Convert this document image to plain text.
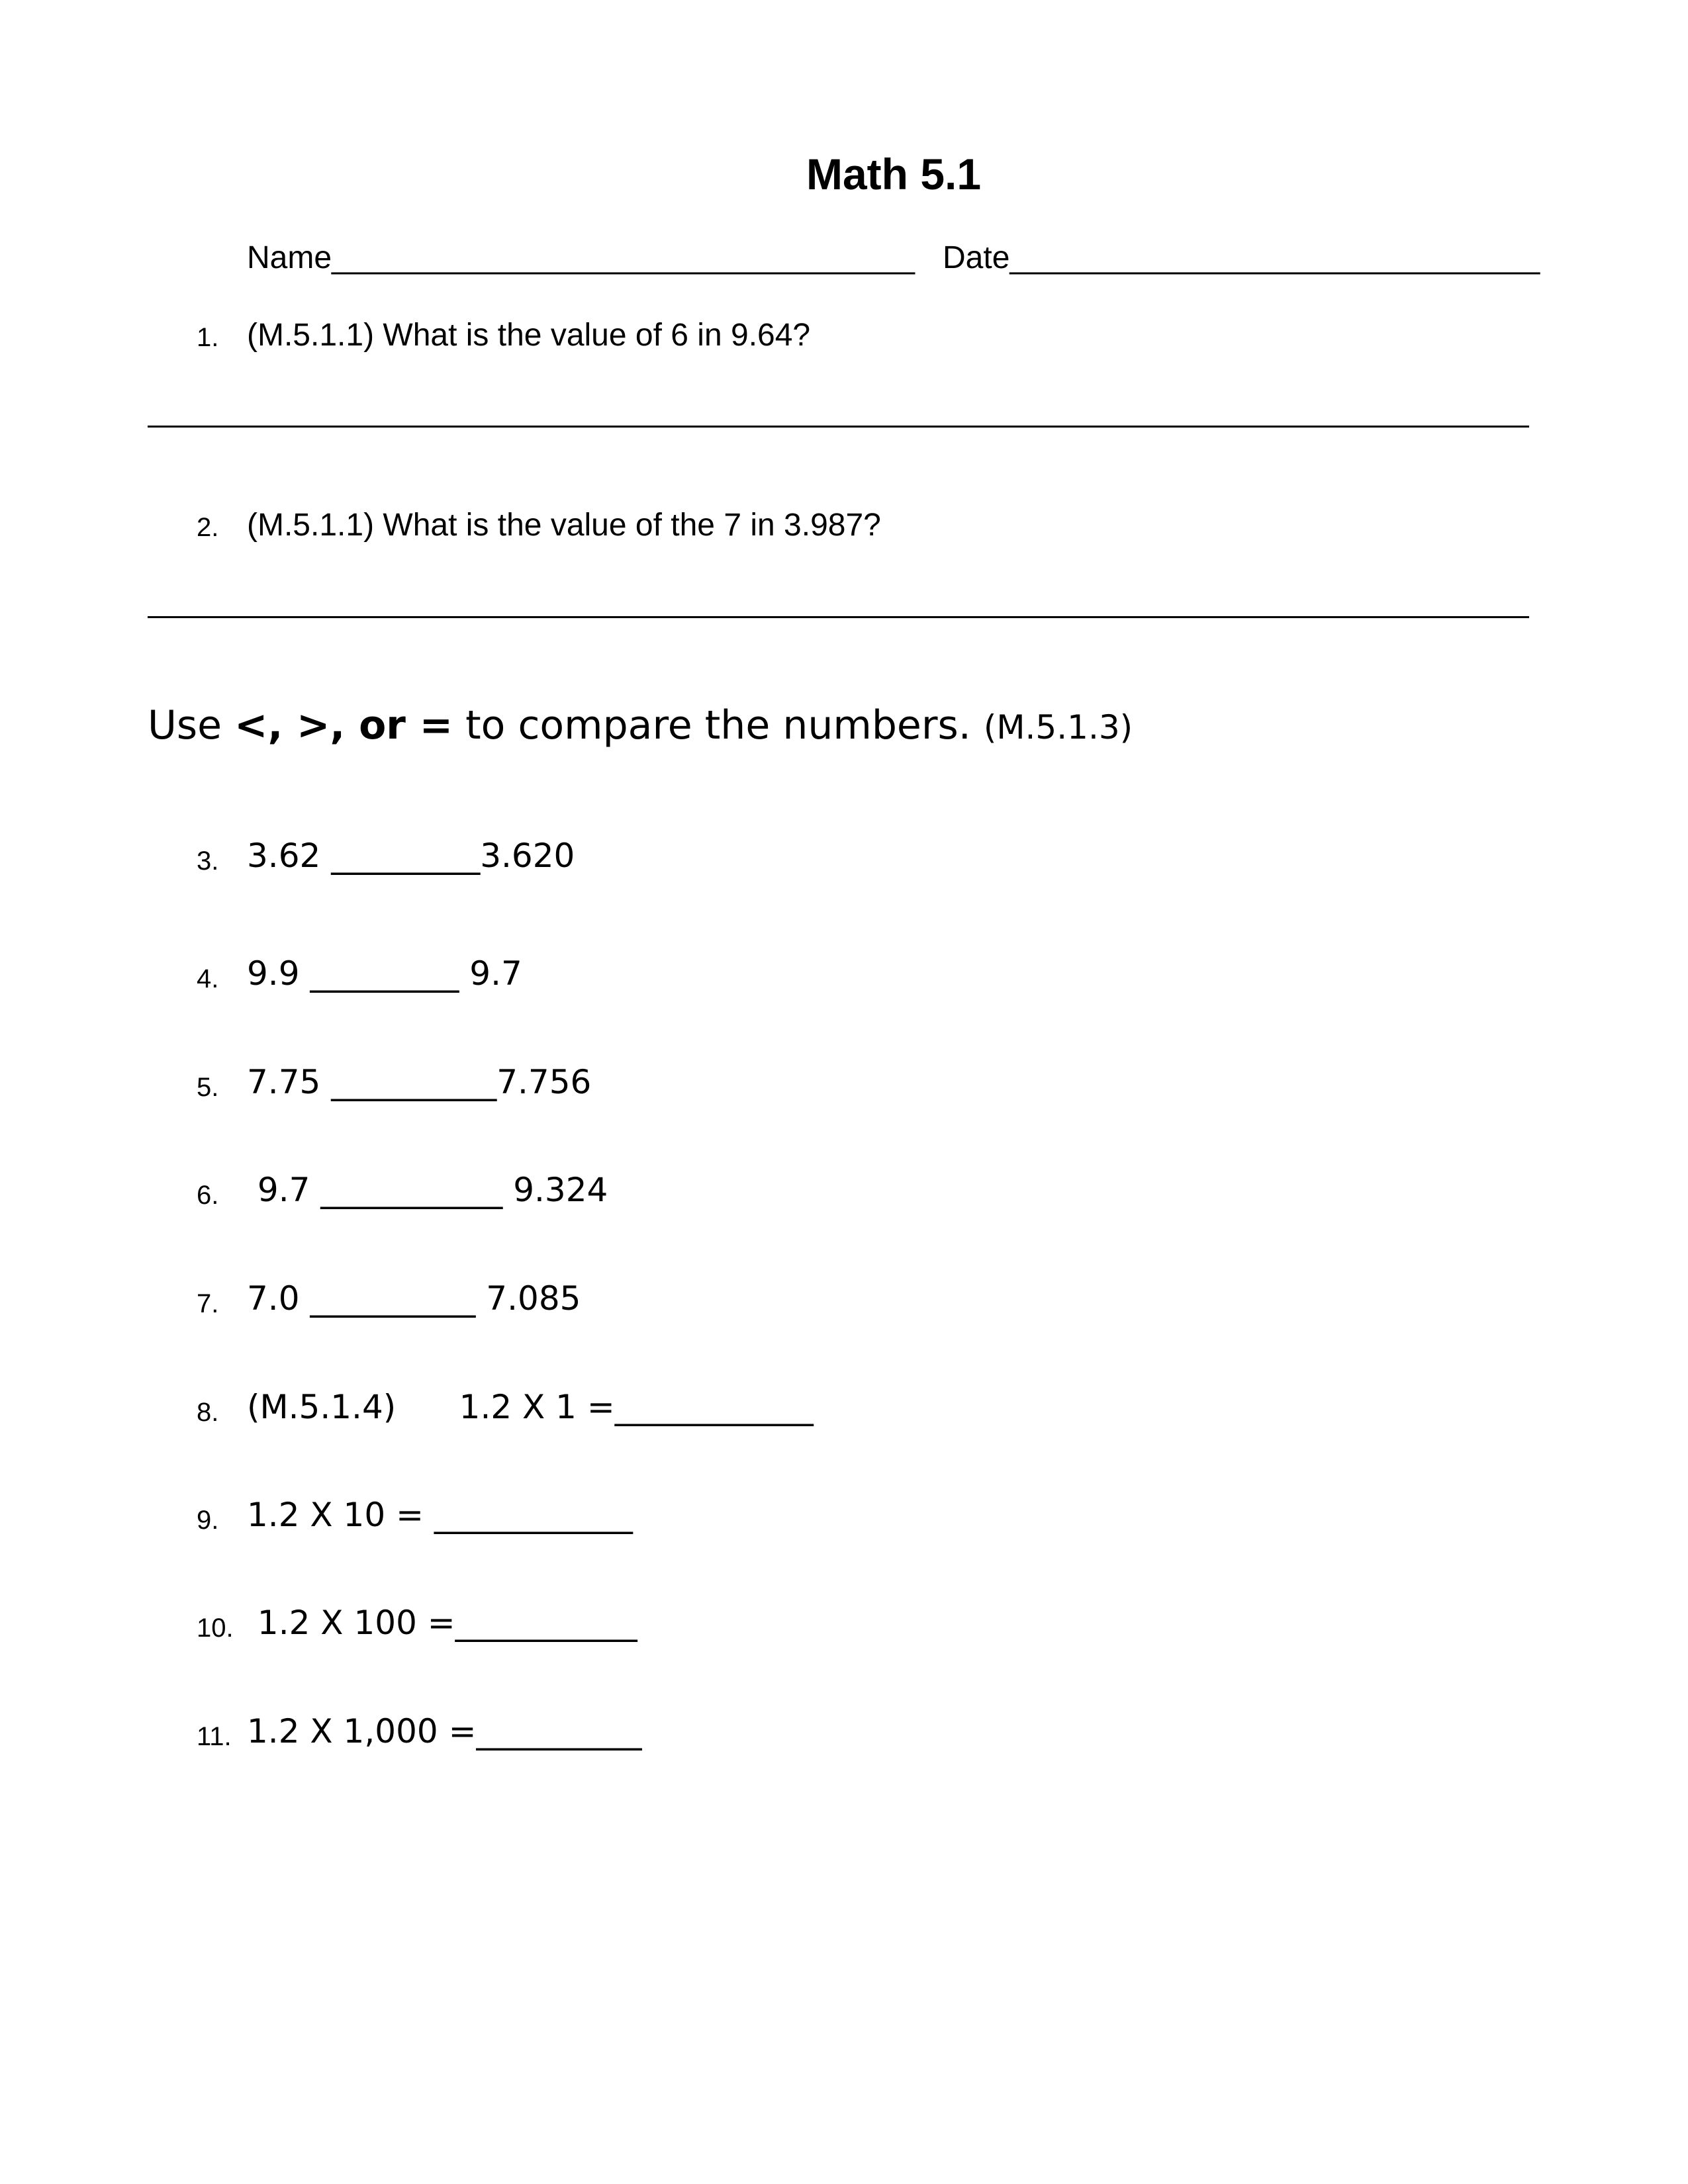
Math 5.1
Name_________________________________ Date______________________________
1. (M.5.1.1) What is the value of 6 in 9.64?
2. (M.5.1.1) What is the value of the 7 in 3.987?
Use <, >, or = to compare the numbers. (M.5.1.3)
3. 3.62 _________3.620
4. 9.9 _________ 9.7
5. 7.75 __________7.756
6. 9.7 ___________ 9.324
7. 7.0 __________ 7.085
8. (M.5.1.4)      1.2 X 1 =____________
9. 1.2 X 10 = ____________
10. 1.2 X 100 =___________
11. 1.2 X 1,000 =__________
